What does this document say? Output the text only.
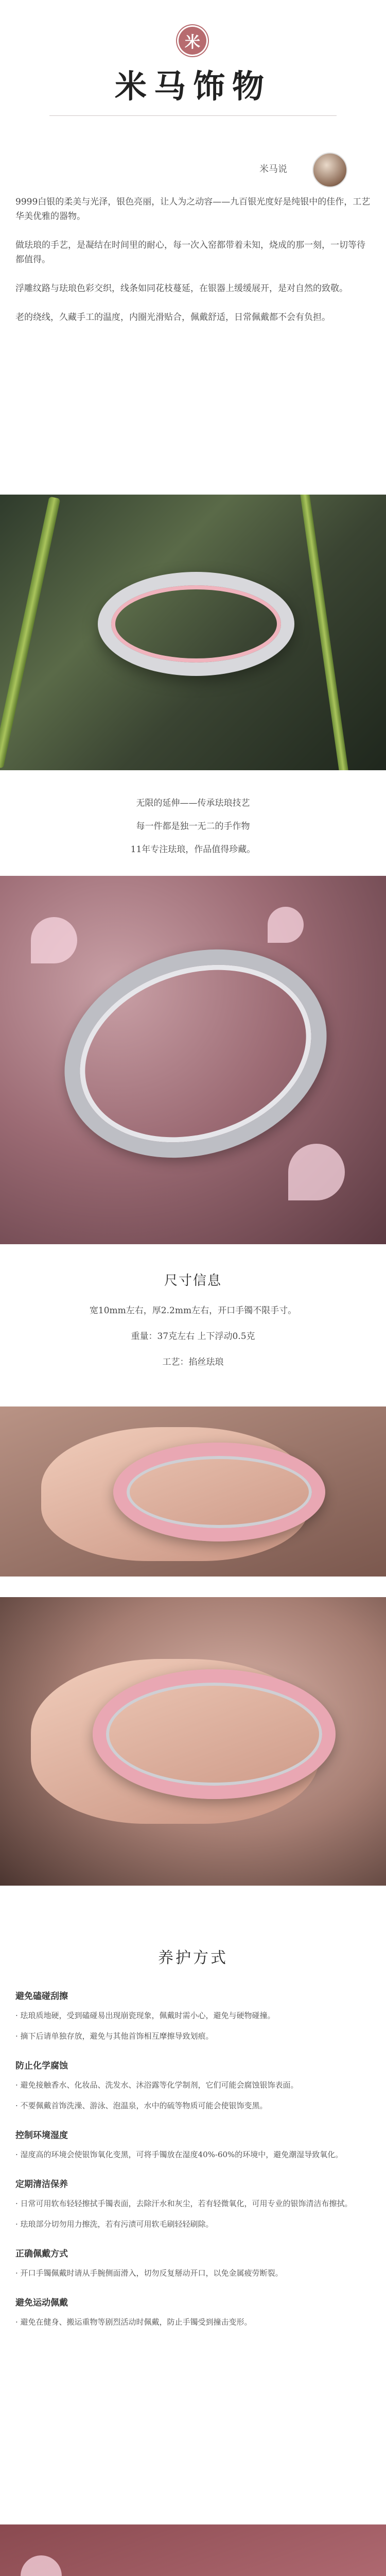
米
米马饰物
米马说

9999白银的柔美与光泽，银色亮丽，让人为之动容——九百银光度好是纯银中的佳作，工艺华美优雅的器物。

做珐琅的手艺，是凝结在时间里的耐心，每一次入窑都带着未知，烧成的那一刻，一切等待都值得。

浮雕纹路与珐琅色彩交织，线条如同花枝蔓延，在银器上缓缓展开，是对自然的致敬。

老的绕线，久藏手工的温度，内圈光滑贴合，佩戴舒适，日常佩戴都不会有负担。

无限的延伸——传承珐琅技艺
每一件都是独一无二的手作物
11年专注珐琅，作品值得珍藏。
尺寸信息
宽10mm左右，厚2.2mm左右，开口手镯不限手寸。
重量：37克左右 上下浮动0.5克
工艺：掐丝珐琅
养护方式
避免磕碰刮擦

· 珐琅质地硬，受到磕碰易出现崩瓷现象，佩戴时需小心，避免与硬物碰撞。

· 摘下后请单独存放，避免与其他首饰相互摩擦导致划痕。

防止化学腐蚀

· 避免接触香水、化妆品、洗发水、沐浴露等化学制剂，它们可能会腐蚀银饰表面。

· 不要佩戴首饰洗澡、游泳、泡温泉，水中的硫等物质可能会使银饰变黑。

控制环境湿度

· 湿度高的环境会使银饰氧化变黑，可将手镯放在湿度40%-60%的环境中，避免潮湿导致氧化。

定期清洁保养

· 日常可用软布轻轻擦拭手镯表面，去除汗水和灰尘，若有轻微氧化，可用专业的银饰清洁布擦拭。

· 珐琅部分切勿用力擦洗，若有污渍可用软毛刷轻轻刷除。

正确佩戴方式

· 开口手镯佩戴时请从手腕侧面滑入，切勿反复掰动开口，以免金属疲劳断裂。

避免运动佩戴

· 避免在健身、搬运重物等剧烈活动时佩戴，防止手镯受到撞击变形。
